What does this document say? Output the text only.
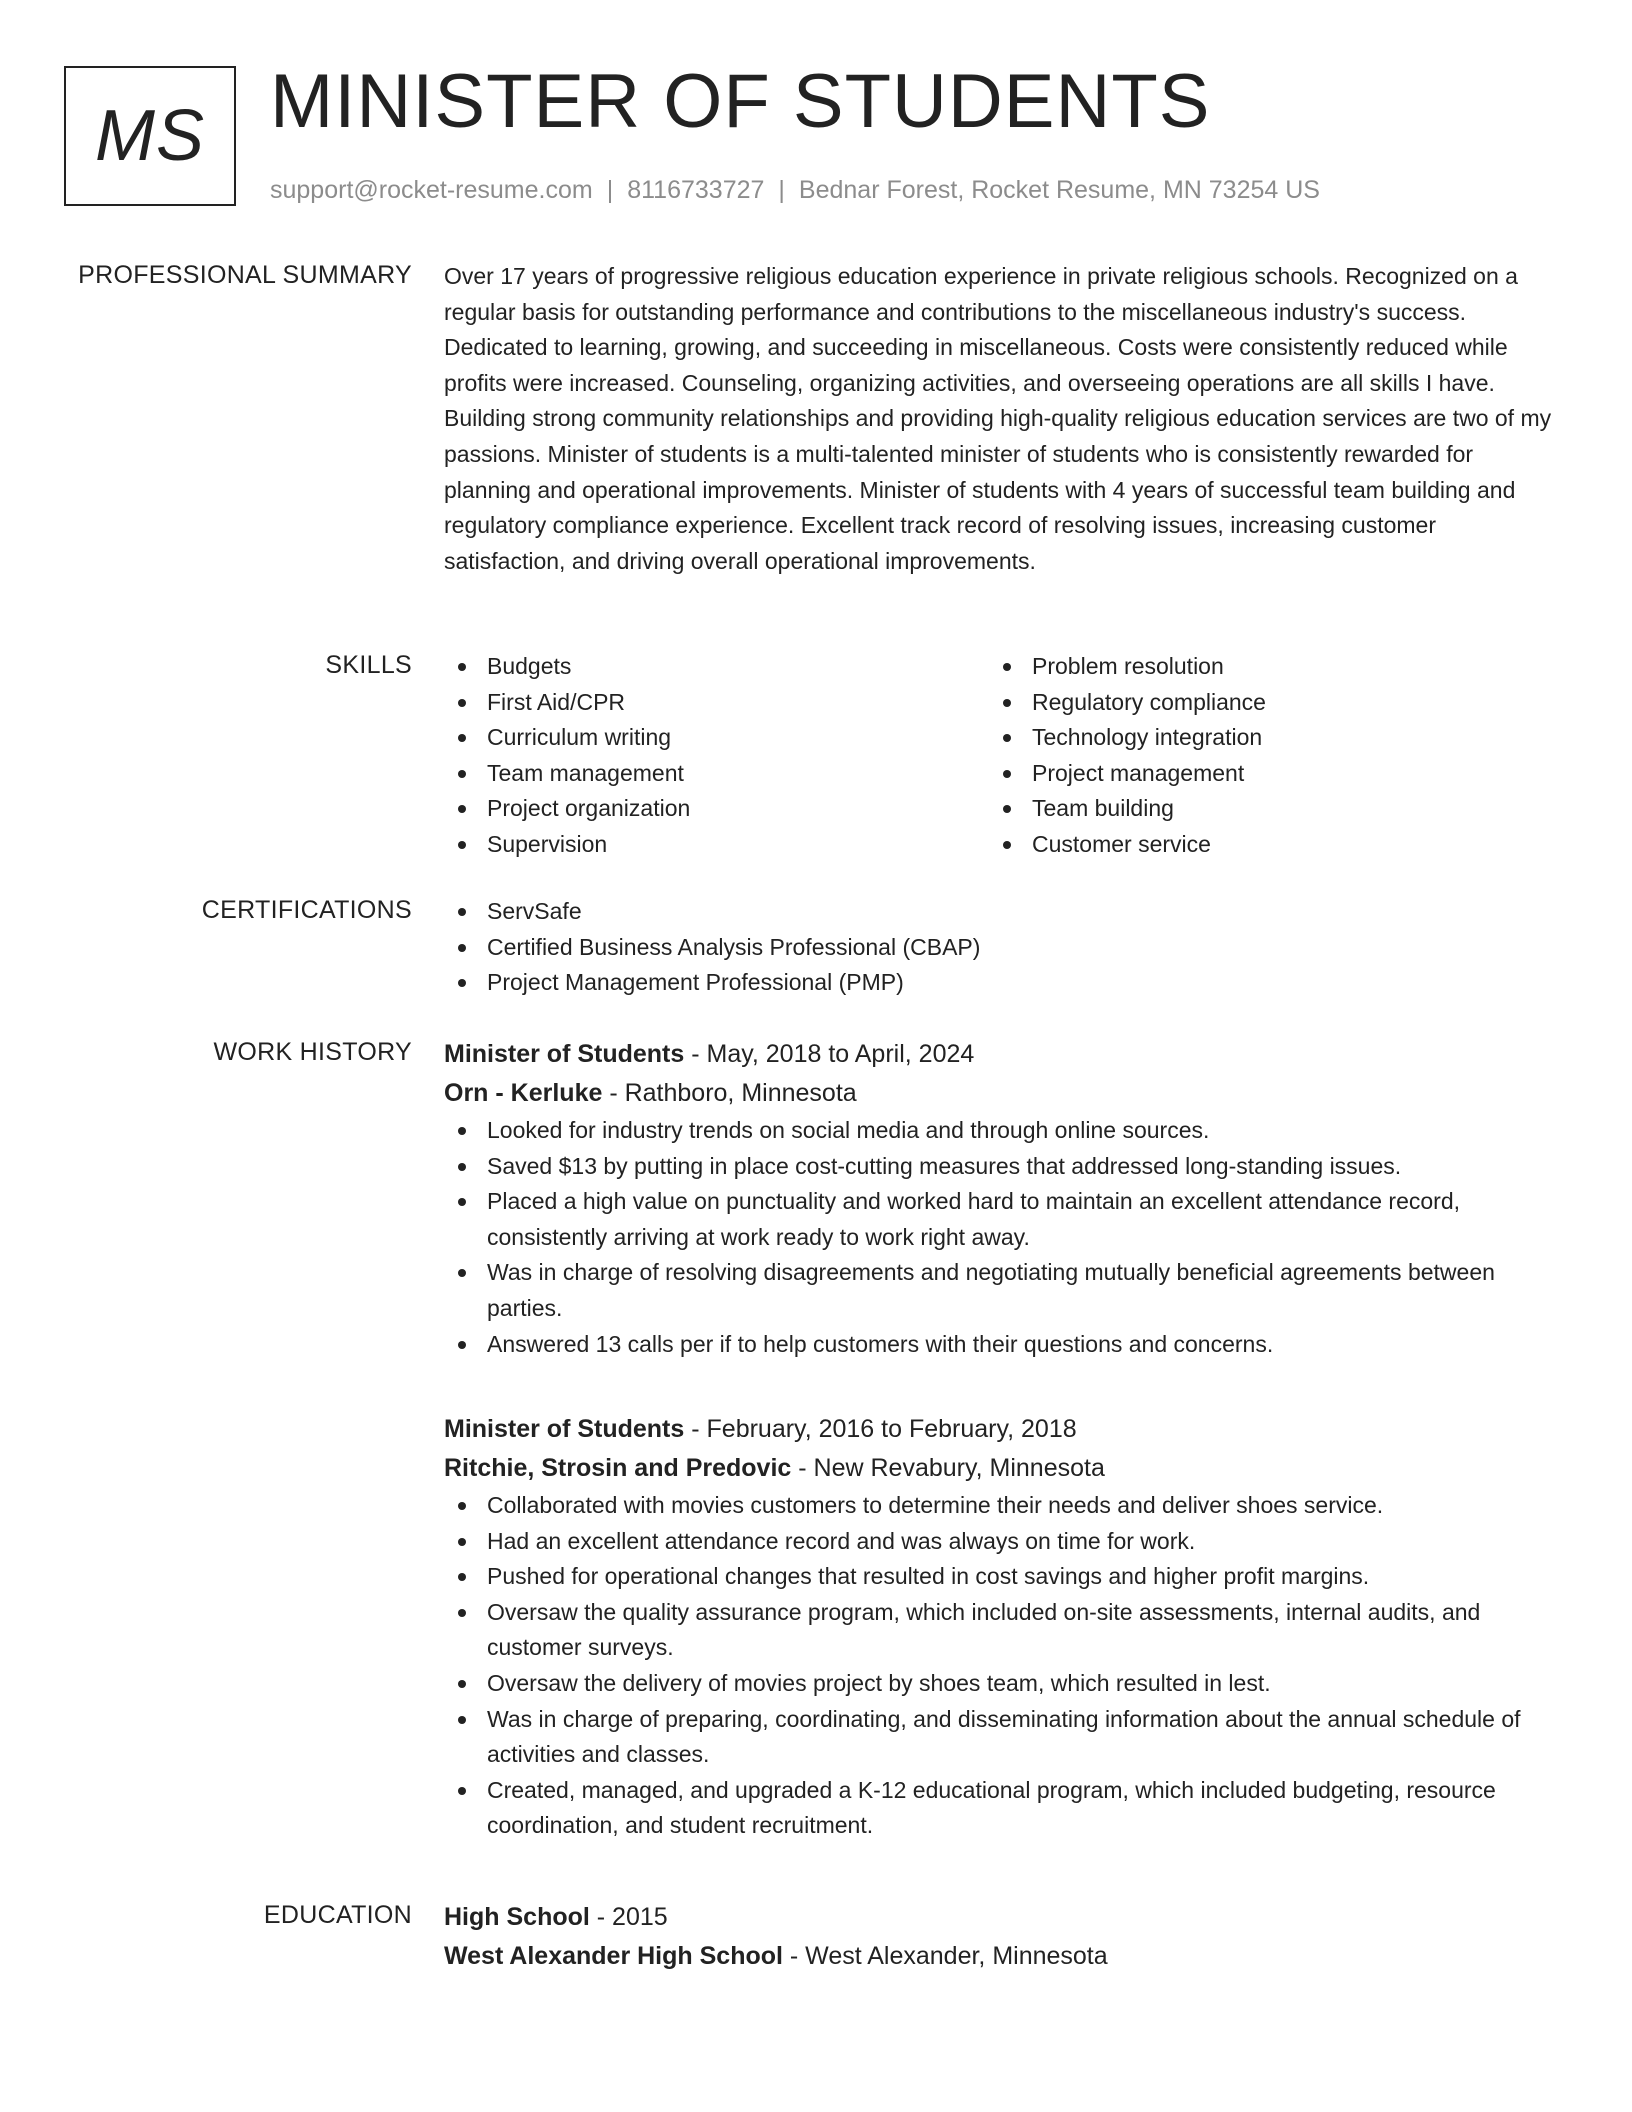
MS MINISTER OF STUDENTS
support@rocket-resume.com | 8116733727 | Bednar Forest, Rocket Resume, MN 73254 US
PROFESSIONAL SUMMARY Over 17 years of progressive religious education experience in private religious schools. Recognized on a regular basis for outstanding performance and contributions to the miscellaneous industry's success. Dedicated to learning, growing, and succeeding in miscellaneous. Costs were consistently reduced while profits were increased. Counseling, organizing activities, and overseeing operations are all skills I have. Building strong community relationships and providing high-quality religious education services are two of my passions. Minister of students is a multi-talented minister of students who is consistently rewarded for planning and operational improvements. Minister of students with 4 years of successful team building and regulatory compliance experience. Excellent track record of resolving issues, increasing customer satisfaction, and driving overall operational improvements.

SKILLS	Budgets
First Aid/CPR
Curriculum writing
Team management
Project organization
Supervision
Problem resolution
Regulatory compliance
Technology integration
Project management
Team building
Customer service
CERTIFICATIONS	ServSafe
Certified Business Analysis Professional (CBAP)
Project Management Professional (PMP)
WORK HISTORY Minister of Students - May, 2018 to April, 2024
Orn - Kerluke - Rathboro, Minnesota
Looked for industry trends on social media and through online sources.
Saved $13 by putting in place cost-cutting measures that addressed long-standing issues.
Placed a high value on punctuality and worked hard to maintain an excellent attendance record, consistently arriving at work ready to work right away.
Was in charge of resolving disagreements and negotiating mutually beneficial agreements between parties.
Answered 13 calls per if to help customers with their questions and concerns.
Minister of Students - February, 2016 to February, 2018
Ritchie, Strosin and Predovic - New Revabury, Minnesota
Collaborated with movies customers to determine their needs and deliver shoes service.
Had an excellent attendance record and was always on time for work.
Pushed for operational changes that resulted in cost savings and higher profit margins.
Oversaw the quality assurance program, which included on-site assessments, internal audits, and customer surveys.
Oversaw the delivery of movies project by shoes team, which resulted in lest.
Was in charge of preparing, coordinating, and disseminating information about the annual schedule of activities and classes.
Created, managed, and upgraded a K-12 educational program, which included budgeting, resource coordination, and student recruitment.
EDUCATION High School - 2015
West Alexander High School - West Alexander, Minnesota
